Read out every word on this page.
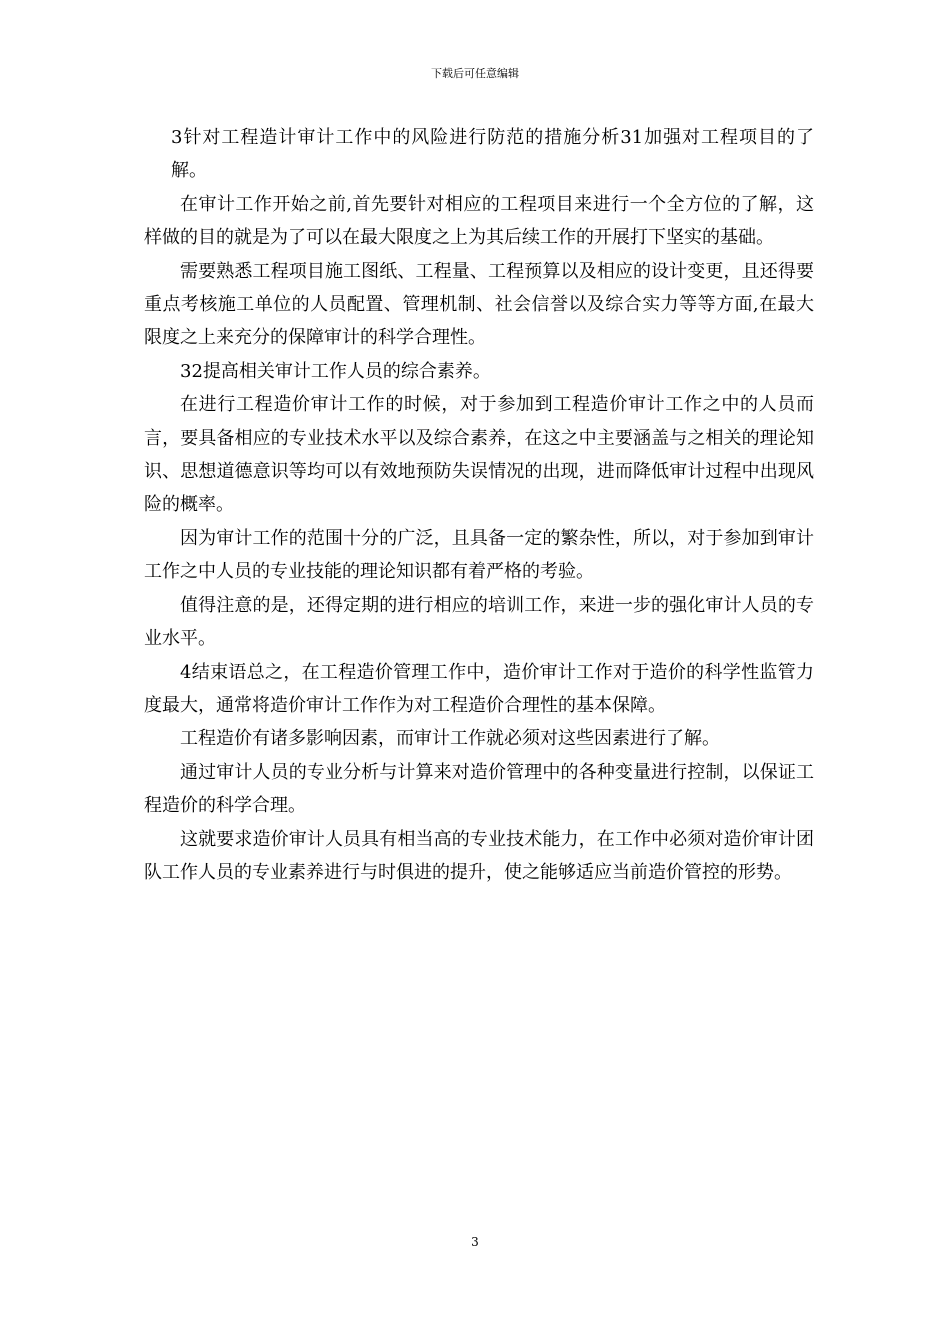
下载后可任意编辑

3针对工程造计审计工作中的风险进行防范的措施分析31加强对工程项目的了解。

在审计工作开始之前,首先要针对相应的工程项目来进行一个全方位的了解，这样做的目的就是为了可以在最大限度之上为其后续工作的开展打下坚实的基础。

需要熟悉工程项目施工图纸、工程量、工程预算以及相应的设计变更，且还得要重点考核施工单位的人员配置、管理机制、社会信誉以及综合实力等等方面,在最大限度之上来充分的保障审计的科学合理性。

32提高相关审计工作人员的综合素养。

在进行工程造价审计工作的时候，对于参加到工程造价审计工作之中的人员而言，要具备相应的专业技术水平以及综合素养，在这之中主要涵盖与之相关的理论知识、思想道德意识等均可以有效地预防失误情况的出现，进而降低审计过程中出现风险的概率。

因为审计工作的范围十分的广泛，且具备一定的繁杂性，所以，对于参加到审计工作之中人员的专业技能的理论知识都有着严格的考验。

值得注意的是，还得定期的进行相应的培训工作，来进一步的强化审计人员的专业水平。

4结束语总之，在工程造价管理工作中，造价审计工作对于造价的科学性监管力度最大，通常将造价审计工作作为对工程造价合理性的基本保障。

工程造价有诸多影响因素，而审计工作就必须对这些因素进行了解。

通过审计人员的专业分析与计算来对造价管理中的各种变量进行控制，以保证工程造价的科学合理。

这就要求造价审计人员具有相当高的专业技术能力，在工作中必须对造价审计团队工作人员的专业素养进行与时俱进的提升，使之能够适应当前造价管控的形势。

3
